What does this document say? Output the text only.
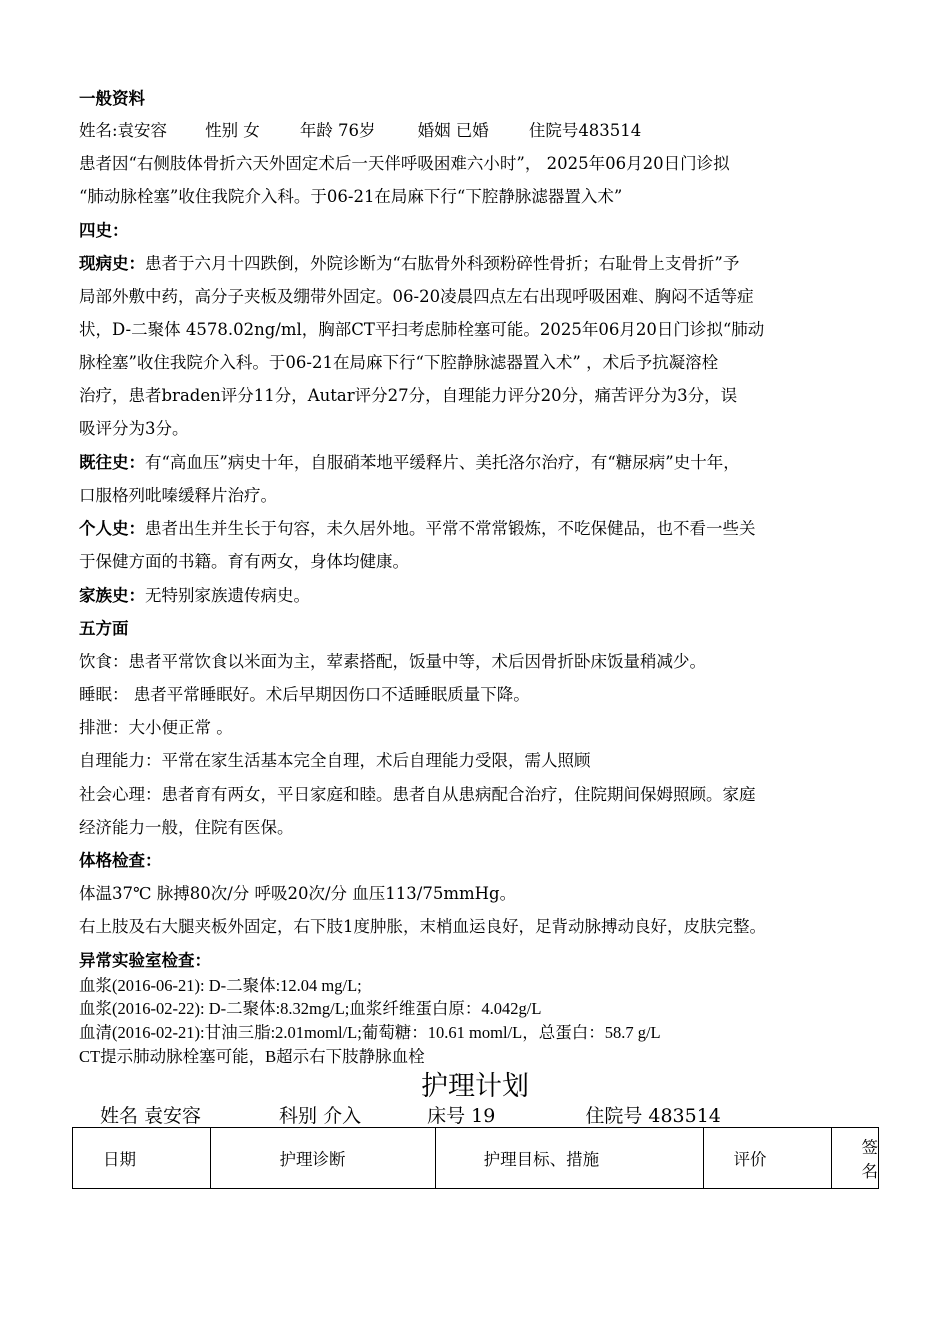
一般资料
姓名:袁安容 性别 女 年龄 76岁	婚姻 已婚 住院号483514
患者因“右侧肢体骨折六天外固定术后一天伴呼吸困难六小时”， 2025年06月20日门诊拟
“肺动脉栓塞”收住我院介入科。于06-21在局麻下行“下腔静脉滤器置入术”
四史：
现病史：患者于六月十四跌倒，外院诊断为“右肱骨外科颈粉碎性骨折；右耻骨上支骨折”予
局部外敷中药，高分子夹板及绷带外固定。06-20凌晨四点左右出现呼吸困难、胸闷不适等症
状，D-二聚体 4578.02ng/ml，胸部CT平扫考虑肺栓塞可能。2025年06月20日门诊拟“肺动
脉栓塞”收住我院介入科。于06-21在局麻下行“下腔静脉滤器置入术” ，术后予抗凝溶栓
治疗，患者braden评分11分，Autar评分27分，自理能力评分20分，痛苦评分为3分，误
吸评分为3分。
既往史：有“高血压”病史十年，自服硝苯地平缓释片、美托洛尔治疗，有“糖尿病”史十年，
口服格列吡嗪缓释片治疗。
个人史：患者出生并生长于句容，未久居外地。平常不常常锻炼，不吃保健品，也不看一些关
于保健方面的书籍。育有两女，身体均健康。
家族史：无特别家族遗传病史。
五方面
饮食：患者平常饮食以米面为主，荤素搭配，饭量中等，术后因骨折卧床饭量稍减少。
睡眠： 患者平常睡眠好。术后早期因伤口不适睡眠质量下降。
排泄：大小便正常 。
自理能力：平常在家生活基本完全自理，术后自理能力受限，需人照顾
社会心理：患者育有两女，平日家庭和睦。患者自从患病配合治疗，住院期间保姆照顾。家庭
经济能力一般，住院有医保。
体格检查：
体温37℃ 脉搏80次/分 呼吸20次/分 血压113/75mmHg。
右上肢及右大腿夹板外固定，右下肢1度肿胀，末梢血运良好，足背动脉搏动良好，皮肤完整。
异常实验室检查：
血浆(2016-06-21): D-二聚体:12.04 mg/L;
血浆(2016-02-22): D-二聚体:8.32mg/L;血浆纤维蛋白原：4.042g/L
血清(2016-02-21):甘油三脂:2.01moml/L;葡萄糖：10.61 moml/L，总蛋白：58.7 g/L
CT提示肺动脉栓塞可能，B超示右下肢静脉血栓
护理计划
姓名 袁安容	科别 介入	床号 19	住院号 483514
日期	护理诊断	护理目标、措施	评价	签名
